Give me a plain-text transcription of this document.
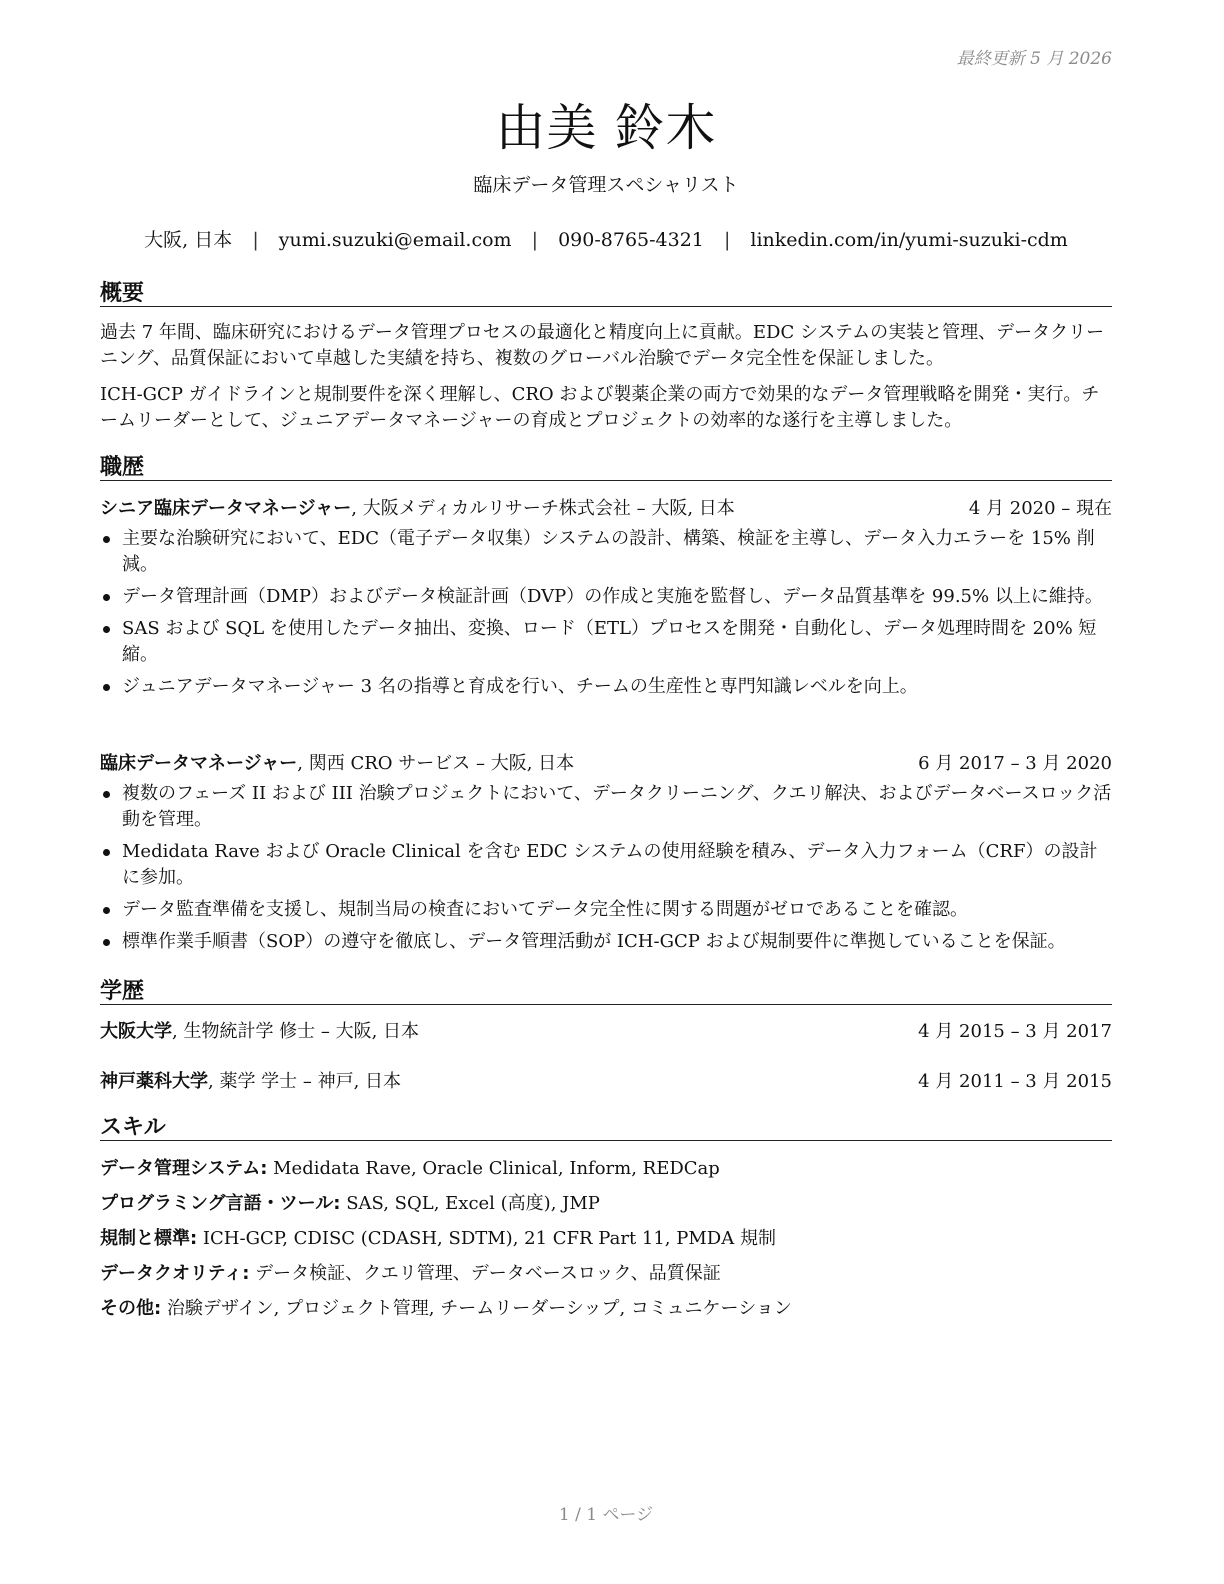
最終更新 5 月 2026
由美 鈴木
臨床データ管理スペシャリスト
大阪, 日本 | yumi.suzuki@email.com | 090-8765-4321 | linkedin.com/in/yumi-suzuki-cdm
概要
過去 7 年間、臨床研究におけるデータ管理プロセスの最適化と精度向上に貢献。EDC システムの実装と管理、データクリーニング、品質保証において卓越した実績を持ち、複数のグローバル治験でデータ完全性を保証しました。
ICH-GCP ガイドラインと規制要件を深く理解し、CRO および製薬企業の両方で効果的なデータ管理戦略を開発・実行。チームリーダーとして、ジュニアデータマネージャーの育成とプロジェクトの効率的な遂行を主導しました。
職歴
シニア臨床データマネージャー, 大阪メディカルリサーチ株式会社 – 大阪, 日本	4 月 2020 – 現在
主要な治験研究において、EDC（電子データ収集）システムの設計、構築、検証を主導し、データ入力エラーを 15% 削減。
データ管理計画（DMP）およびデータ検証計画（DVP）の作成と実施を監督し、データ品質基準を 99.5% 以上に維持。
SAS および SQL を使用したデータ抽出、変換、ロード（ETL）プロセスを開発・自動化し、データ処理時間を 20% 短縮。
ジュニアデータマネージャー 3 名の指導と育成を行い、チームの生産性と専門知識レベルを向上。
臨床データマネージャー, 関西 CRO サービス – 大阪, 日本	6 月 2017 – 3 月 2020
複数のフェーズ II および III 治験プロジェクトにおいて、データクリーニング、クエリ解決、およびデータベースロック活動を管理。
Medidata Rave および Oracle Clinical を含む EDC システムの使用経験を積み、データ入力フォーム（CRF）の設計に参加。
データ監査準備を支援し、規制当局の検査においてデータ完全性に関する問題がゼロであることを確認。
標準作業手順書（SOP）の遵守を徹底し、データ管理活動が ICH-GCP および規制要件に準拠していることを保証。
学歴
大阪大学, 生物統計学 修士 – 大阪, 日本	4 月 2015 – 3 月 2017
神戸薬科大学, 薬学 学士 – 神戸, 日本	4 月 2011 – 3 月 2015
スキル
データ管理システム: Medidata Rave, Oracle Clinical, Inform, REDCap
プログラミング言語・ツール: SAS, SQL, Excel (高度), JMP
規制と標準: ICH-GCP, CDISC (CDASH, SDTM), 21 CFR Part 11, PMDA 規制
データクオリティ: データ検証、クエリ管理、データベースロック、品質保証
その他: 治験デザイン, プロジェクト管理, チームリーダーシップ, コミュニケーション
1 / 1 ページ
